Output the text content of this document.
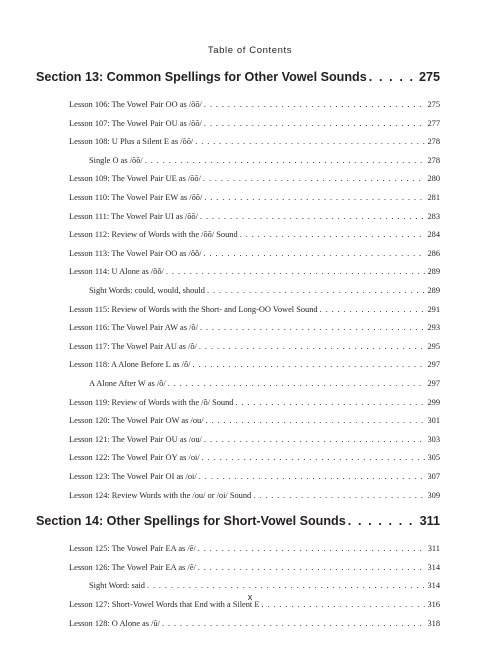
Table of Contents
Section 13: Common Spellings for Other Vowel Sounds . . .	275
Lesson 106: The Vowel Pair OO as /ŏŏ/ . . .	275
Lesson 107: The Vowel Pair OU as /ŏŏ/ . . .	277
Lesson 108: U Plus a Silent E as /ŏŏ/ . . .	278
Single O as /ŏŏ/ . . .	278
Lesson 109: The Vowel Pair UE as /ŏŏ/ . . .	280
Lesson 110: The Vowel Pair EW as /ŏŏ/ . . .	281
Lesson 111: The Vowel Pair UI as /ŏŏ/ . . .	283
Lesson 112: Review of Words with the /ŏŏ/ Sound . . .	284
Lesson 113: The Vowel Pair OO as /ǒǒ/ . . .	286
Lesson 114: U Alone as /ǒǒ/ . . .	289
Sight Words: could, would, should . . .	289
Lesson 115: Review of Words with the Short- and Long-OO Vowel Sound . . .	291
Lesson 116: The Vowel Pair AW as /ô/ . . .	293
Lesson 117: The Vowel Pair AU as /ô/ . . .	295
Lesson 118: A Alone Before L as /ô/ . . .	297
A Alone After W as /ô/ . . .	297
Lesson 119: Review of Words with the /ô/ Sound . . .	299
Lesson 120: The Vowel Pair OW as /ou/ . . .	301
Lesson 121: The Vowel Pair OU as /ou/ . . .	303
Lesson 122: The Vowel Pair OY as /oi/ . . .	305
Lesson 123: The Vowel Pair OI as /oi/ . . .	307
Lesson 124: Review Words with the /ou/ or /oi/ Sound . . .	309
Section 14: Other Spellings for Short-Vowel Sounds . . .	311
Lesson 125: The Vowel Pair EA as /ĕ/ . . .	311
Lesson 126: The Vowel Pair EA as /ĕ/ . . .	314
Sight Word: said . . .	314
Lesson 127: Short-Vowel Words that End with a Silent E . . .	316
Lesson 128: O Alone as /ŭ/ . . .	318
x
